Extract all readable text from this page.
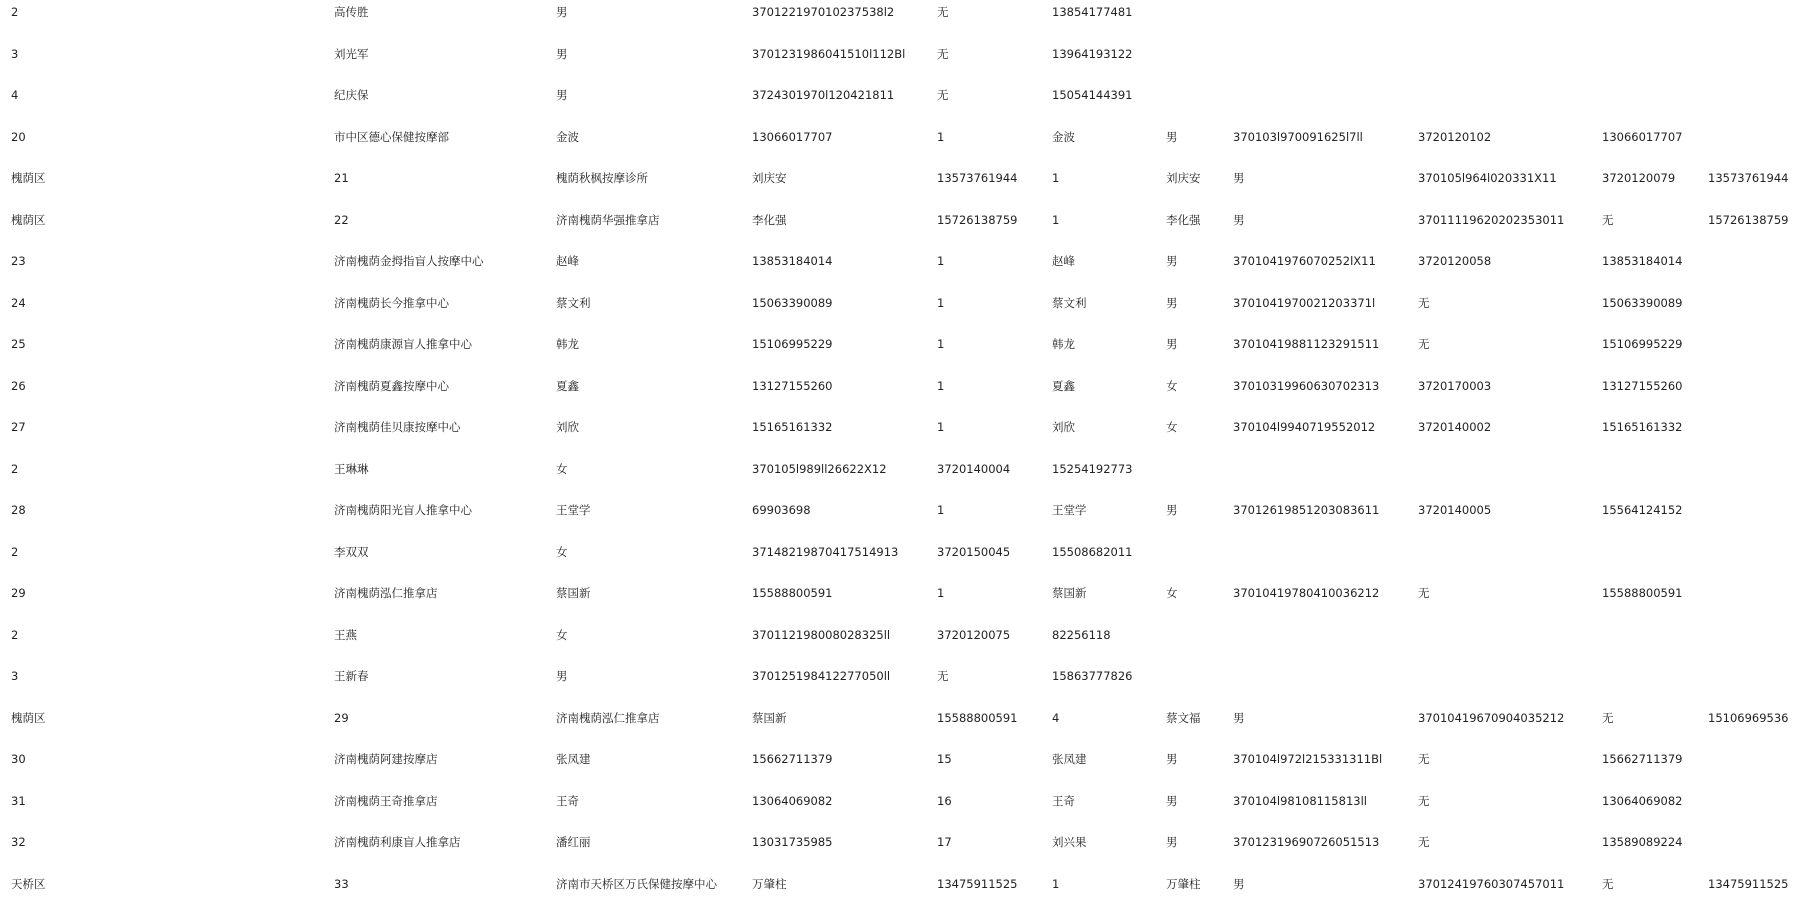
2	高传胜	男	370122197010237538l2	无	13854177481
3	刘光军	男	3701231986041510l112Bl	无	13964193122
4	纪庆保	男	3724301970l120421811	无	15054144391
20	市中区德心保健按摩部	金波	13066017707	1	金波	男	370103l970091625l7ll	3720120102	13066017707
槐荫区	21	槐荫秋枫按摩诊所	刘庆安	13573761944	1	刘庆安	男	370105l964l020331X11	3720120079	13573761944
槐荫区	22	济南槐荫华强推拿店	李化强	15726138759	1	李化强	男	37011119620202353011	无	15726138759
23	济南槐荫金拇指盲人按摩中心	赵峰	13853184014	1	赵峰	男	3701041976070252lX11	3720120058	13853184014
24	济南槐荫长今推拿中心	蔡文利	15063390089	1	蔡文利	男	3701041970021203371l	无	15063390089
25	济南槐荫康源盲人推拿中心	韩龙	15106995229	1	韩龙	男	37010419881123291511	无	15106995229
26	济南槐荫夏鑫按摩中心	夏鑫	13127155260	1	夏鑫	女	37010319960630702313	3720170003	13127155260
27	济南槐荫佳贝康按摩中心	刘欣	15165161332	1	刘欣	女	370104l9940719552012	3720140002	15165161332
2	王琳琳	女	370105l989ll26622X12	3720140004	15254192773
28	济南槐荫阳光盲人推拿中心	王堂学	69903698	1	王堂学	男	37012619851203083611	3720140005	15564124152
2	李双双	女	37148219870417514913	3720150045	15508682011
29	济南槐荫泓仁推拿店	蔡国新	15588800591	1	蔡国新	女	37010419780410036212	无	15588800591
2	王燕	女	370112198008028325ll	3720120075	82256118
3	王新春	男	370125198412277050ll	无	15863777826
槐荫区	29	济南槐荫泓仁推拿店	蔡国新	15588800591	4	蔡文福	男	37010419670904035212	无	15106969536
30	济南槐荫阿建按摩店	张凤建	15662711379	15	张凤建	男	370104l972l215331311Bl	无	15662711379
31	济南槐荫王奇推拿店	王奇	13064069082	16	王奇	男	370104l98108115813ll	无	13064069082
32	济南槐荫利康盲人推拿店	潘红丽	13031735985	17	刘兴果	男	37012319690726051513	无	13589089224
天桥区	33	济南市天桥区万氏保健按摩中心	万肇柱	13475911525	1	万肇柱	男	37012419760307457011	无	13475911525
